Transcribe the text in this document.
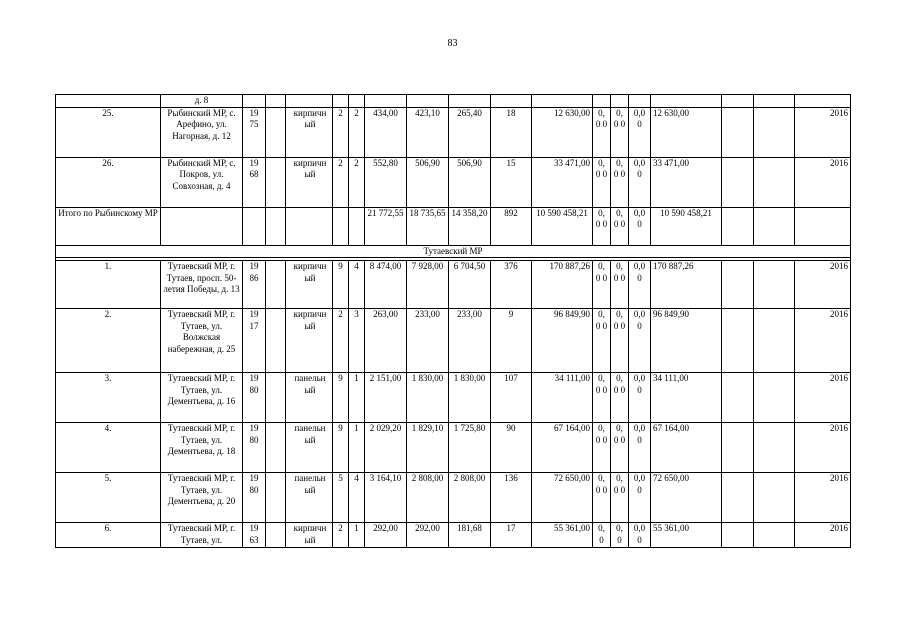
83
	д. 8																	
25.	Рыбинский МР, с. Арефино, ул. Нагорная, д. 12	19 75		кирпичн ый	2	2	434,00	423,10	265,40	18	12 630,00	0, 0 0	0, 0 0	0,0 0	12 630,00			2016
26.	Рыбинский МР, с. Покров, ул. Совхозная, д. 4	19 68		кирпичн ый	2	2	552,80	506,90	506,90	15	33 471,00	0, 0 0	0, 0 0	0,0 0	33 471,00			2016
Итого по Рыбинскому МР							21 772,55	18 735,65	14 358,20	892	10 590 458,21	0, 0 0	0, 0 0	0,0 0	10 590 458,21			
Тутаевский МР																		

1.	Тутаевский МР, г. Тутаев, просп. 50-летия Победы, д. 13	19 86		кирпичн ый	9	4	8 474,00	7 928,00	6 704,50	376	170 887,26	0, 0 0	0, 0 0	0,0 0	170 887,26			2016
2.	Тутаевский МР, г. Тутаев, ул. Волжская набережная, д. 25	19 17		кирпичн ый	2	3	263,00	233,00	233,00	9	96 849,90	0, 0 0	0, 0 0	0,0 0	96 849,90			2016
3.	Тутаевский МР, г. Тутаев, ул. Дементьева, д. 16	19 80		панельн ый	9	1	2 151,00	1 830,00	1 830,00	107	34 111,00	0, 0 0	0, 0 0	0,0 0	34 111,00			2016
4.	Тутаевский МР, г. Тутаев, ул. Дементьева, д. 18	19 80		панельн ый	9	1	2 029,20	1 829,10	1 725,80	90	67 164,00	0, 0 0	0, 0 0	0,0 0	67 164,00			2016
5.	Тутаевский МР, г. Тутаев, ул. Дементьева, д. 20	19 80		панельн ый	5	4	3 164,10	2 808,00	2 808,00	136	72 650,00	0, 0 0	0, 0 0	0,0 0	72 650,00			2016
6.	Тутаевский МР, г. Тутаев, ул.	19 63		кирпичн ый	2	1	292,00	292,00	181,68	17	55 361,00	0, 0	0, 0	0,0 0	55 361,00			2016
